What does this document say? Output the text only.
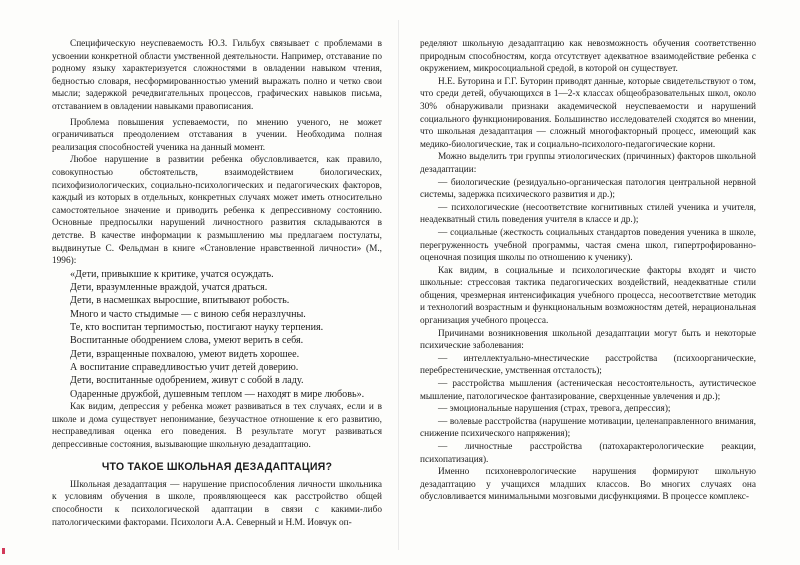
Специфическую неуспеваемость Ю.З. Гильбух связывает с проблемами в усвоении конкретной области умственной деятельности. Например, отставание по родному языку характеризуется сложностями в овладении навыком чтения, бедностью словаря, несформированностью умений выражать полно и четко свои мысли; задержкой речедвигательных процессов, графических навыков письма, отставанием в овладении навыками правописания.

Проблема повышения успеваемости, по мнению ученого, не может ограничиваться преодолением отставания в учении. Необходима полная реализация способностей ученика на данный момент.

Любое нарушение в развитии ребенка обусловливается, как правило, совокупностью обстоятельств, взаимодействием биологических, психофизиологических, социально-психологических и педагогических факторов, каждый из которых в отдельных, конкретных случаях может иметь относительно самостоятельное значение и приводить ребенка к депрессивному состоянию. Основные предпосылки нарушений личностного развития складываются в детстве. В качестве информации к размышлению мы предлагаем постулаты, выдвинутые С. Фельдман в книге «Становление нравственной личности» (М., 1996):

«Дети, привыкшие к критике, учатся осуждать.
Дети, вразумленные враждой, учатся драться.
Дети, в насмешках выросшие, впитывают робость.
Много и часто стыдимые — с виною себя неразлучны.
Те, кто воспитан терпимостью, постигают науку терпения.
Воспитанные ободрением слова, умеют верить в себя.
Дети, взращенные похвалою, умеют видеть хорошее.
А воспитание справедливостью учит детей доверию.
Дети, воспитанные одобрением, живут с собой в ладу.
Одаренные дружбой, душевным теплом — находят в мире любовь».

Как видим, депрессия у ребенка может развиваться в тех случаях, если и в школе и дома существует непонимание, безучастное отношение к его развитию, несправедливая оценка его поведения. В результате могут развиваться депрессивные состояния, вызывающие школьную дезадаптацию.

ЧТО ТАКОЕ ШКОЛЬНАЯ ДЕЗАДАПТАЦИЯ?

Школьная дезадаптация — нарушение приспособления личности школьника к условиям обучения в школе, проявляющееся как расстройство общей способности к психологической адаптации в связи с какими-либо патологическими факторами. Психологи А.А. Северный и Н.М. Иовчук оп-

ределяют школьную дезадаптацию как невозможность обучения соответственно природным способностям, когда отсутствует адекватное взаимодействие ребенка с окружением, микросоциальной средой, в которой он существует.

Н.Е. Буторина и Г.Г. Буторин приводят данные, которые свидетельствуют о том, что среди детей, обучающихся в 1—2-х классах общеобразовательных школ, около 30% обнаруживали признаки академической неуспеваемости и нарушений социального функционирования. Большинство исследователей сходятся во мнении, что школьная дезадаптация — сложный многофакторный процесс, имеющий как медико-биологические, так и социально-психолого-педагогические корни.

Можно выделить три группы этиологических (причинных) факторов школьной дезадаптации:

— биологические (резидуально-органическая патология центральной нервной системы, задержка психического развития и др.);

— психологические (несоответствие когнитивных стилей ученика и учителя, неадекватный стиль поведения учителя в классе и др.);

— социальные (жесткость социальных стандартов поведения ученика в школе, перегруженность учебной программы, частая смена школ, гипертрофированно-оценочная позиция школы по отношению к ученику).

Как видим, в социальные и психологические факторы входят и чисто школьные: стрессовая тактика педагогических воздействий, неадекватные стили общения, чрезмерная интенсификация учебного процесса, несоответствие методик и технологий возрастным и функциональным возможностям детей, нерациональная организация учебного процесса.

Причинами возникновения школьной дезадаптации могут быть и некоторые психические заболевания:

— интеллектуально-мнестические расстройства (психоорганические, перебрестенические, умственная отсталость);

— расстройства мышления (астеническая несостоятельность, аутистическое мышление, патологическое фантазирование, сверхценные увлечения и др.);

— эмоциональные нарушения (страх, тревога, депрессия);

— волевые расстройства (нарушение мотивации, целенаправленного внимания, снижение психического напряжения);

— личностные расстройства (патохарактерологические реакции, психопатизация).

Именно психоневрологические нарушения формируют школьную дезадаптацию у учащихся младших классов. Во многих случаях она обусловливается минимальными мозговыми дисфункциями. В процессе комплекс-
